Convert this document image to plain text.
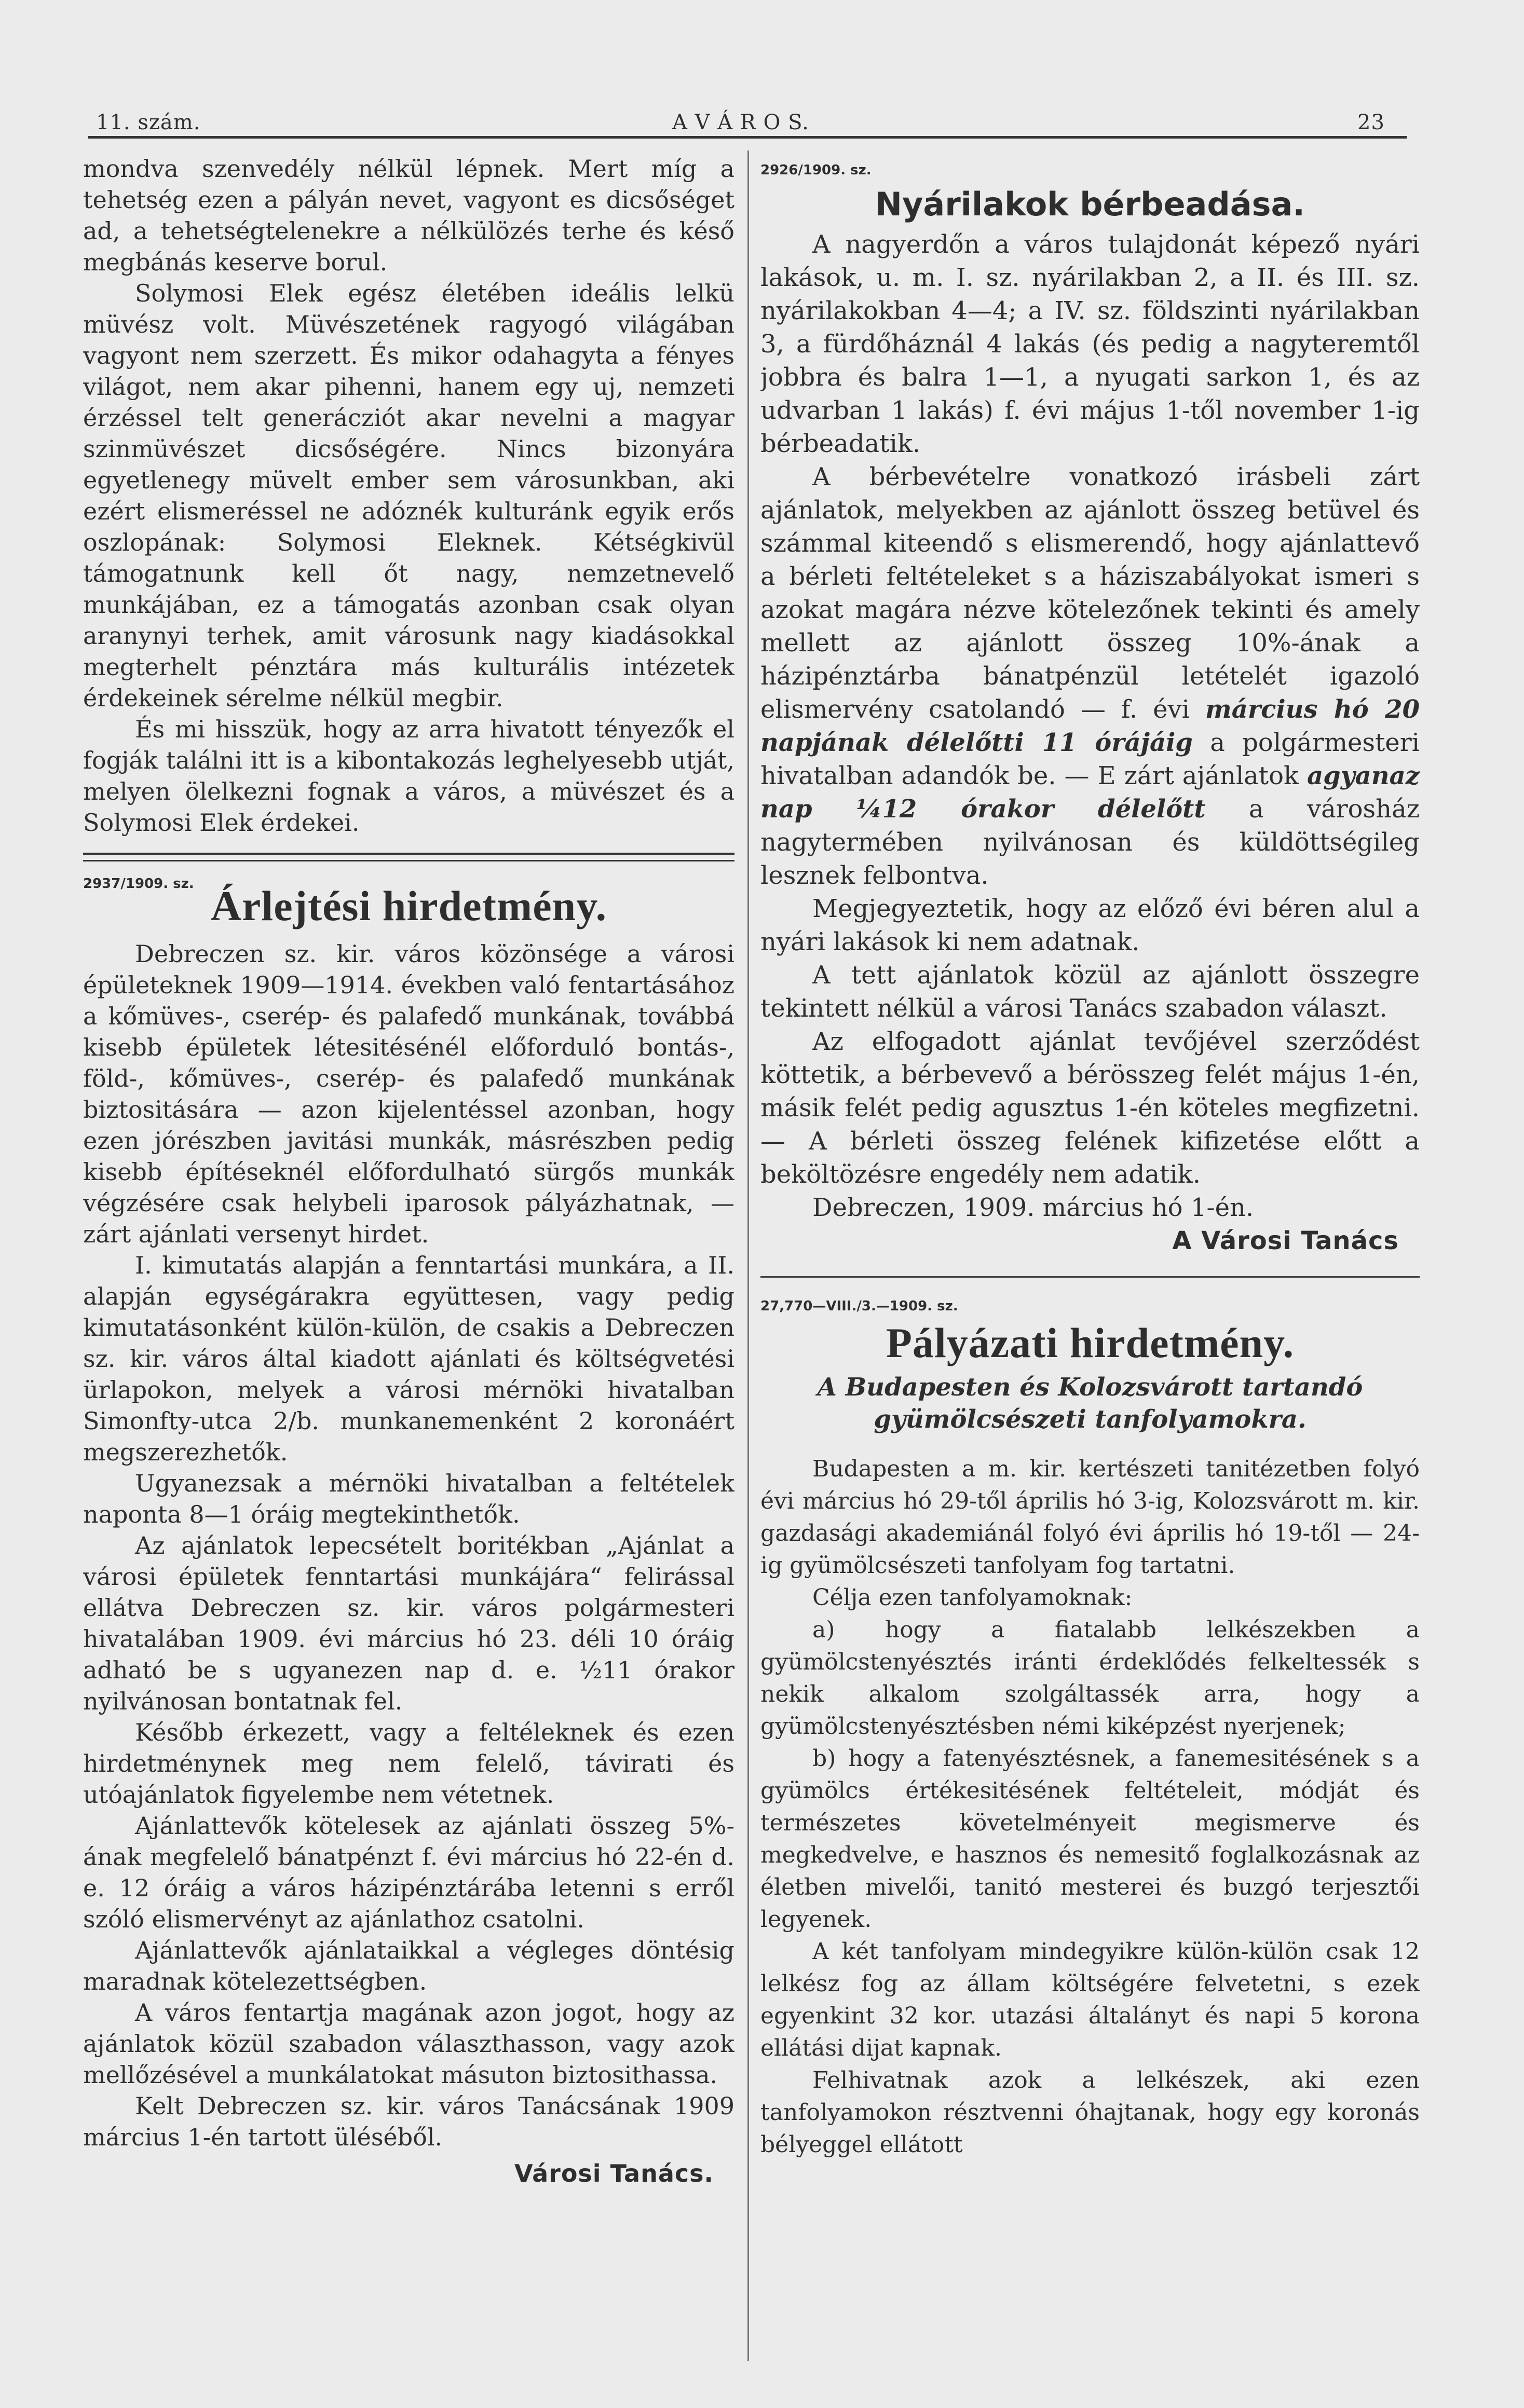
11. szám.	A V Á R O S.	23

mondva szenvedély nélkül lépnek. Mert míg a tehetség ezen a pályán nevet, vagyont es dicsőséget ad, a tehetségtelenekre a nélkülözés terhe és késő megbánás keserve borul.

Solymosi Elek egész életében ideális lelkü müvész volt. Müvészetének ragyogó világában vagyont nem szerzett. És mikor odahagyta a fényes világot, nem akar pihenni, hanem egy uj, nemzeti érzéssel telt generácziót akar nevelni a magyar szinmüvészet dicsőségére. Nincs bizonyára egyetlenegy müvelt ember sem városunkban, aki ezért elismeréssel ne adóznék kulturánk egyik erős oszlopának: Solymosi Eleknek. Kétségkivül támogatnunk kell őt nagy, nemzetnevelő munkájában, ez a támogatás azonban csak olyan aranynyi terhek, amit városunk nagy kiadásokkal megterhelt pénztára más kulturális intézetek érdekeinek sérelme nélkül megbir.

És mi hisszük, hogy az arra hivatott tényezők el fogják találni itt is a kibontakozás leghelyesebb utját, melyen ölelkezni fognak a város, a müvészet és a Solymosi Elek érdekei.

2937/1909. sz. Árlejtési hirdetmény.

Debreczen sz. kir. város közönsége a városi épületeknek 1909—1914. években való fentartásához a kőmüves-, cserép- és palafedő munkának, továbbá kisebb épületek létesitésénél előforduló bontás-, föld-, kőmüves-, cserép- és palafedő munkának biztositására — azon kijelentéssel azonban, hogy ezen jórészben javitási munkák, másrészben pedig kisebb építéseknél előfordulható sürgős munkák végzésére csak helybeli iparosok pályázhatnak, — zárt ajánlati versenyt hirdet.

I. kimutatás alapján a fenntartási munkára, a II. alapján egységárakra együttesen, vagy pedig kimutatásonként külön-külön, de csakis a Debreczen sz. kir. város által kiadott ajánlati és költségvetési ürlapokon, melyek a városi mérnöki hivatalban Simonfty-utca 2/b. munkanemenként 2 koronáért megszerezhetők.

Ugyanezsak a mérnöki hivatalban a feltételek naponta 8—1 óráig megtekinthetők.

Az ajánlatok lepecsételt boritékban „Ajánlat a városi épületek fenntartási munkájára“ felirással ellátva Debreczen sz. kir. város polgármesteri hivatalában 1909. évi március hó 23. déli 10 óráig adható be s ugyanezen nap d. e. ½11 órakor nyilvánosan bontatnak fel.

Később érkezett, vagy a feltéleknek és ezen hirdetménynek meg nem felelő, távirati és utóajánlatok figyelembe nem vétetnek.

Ajánlattevők kötelesek az ajánlati összeg 5%-ának megfelelő bánatpénzt f. évi március hó 22-én d. e. 12 óráig a város házipénztárába letenni s erről szóló elismervényt az ajánlathoz csatolni.

Ajánlattevők ajánlataikkal a végleges döntésig maradnak kötelezettségben.

A város fentartja magának azon jogot, hogy az ajánlatok közül szabadon választhasson, vagy azok mellőzésével a munkálatokat másuton biztosithassa.

Kelt Debreczen sz. kir. város Tanácsának 1909 március 1-én tartott üléséből.

Városi Tanács.

2926/1909. sz.
Nyárilakok bérbeadása.

A nagyerdőn a város tulajdonát képező nyári lakások, u. m. I. sz. nyárilakban 2, a II. és III. sz. nyárilakokban 4—4; a IV. sz. földszinti nyárilakban 3, a fürdőháznál 4 lakás (és pedig a nagyteremtől jobbra és balra 1—1, a nyugati sarkon 1, és az udvarban 1 lakás) f. évi május 1-től november 1-ig bérbeadatik.

A bérbevételre vonatkozó irásbeli zárt ajánlatok, melyekben az ajánlott összeg betüvel és számmal kiteendő s elismerendő, hogy ajánlattevő a bérleti feltételeket s a háziszabályokat ismeri s azokat magára nézve kötelezőnek tekinti és amely mellett az ajánlott összeg 10%-ának a házipénztárba bánatpénzül letételét igazoló elismervény csatolandó — f. évi március hó 20 napjának délelőtti 11 órájáig a polgármesteri hivatalban adandók be. — E zárt ajánlatok agyanaz nap ¼12 órakor délelőtt a városház nagytermében nyilvánosan és küldöttségileg lesznek felbontva.

Megjegyeztetik, hogy az előző évi béren alul a nyári lakások ki nem adatnak.

A tett ajánlatok közül az ajánlott összegre tekintett nélkül a városi Tanács szabadon választ.

Az elfogadott ajánlat tevőjével szerződést köttetik, a bérbevevő a bérösszeg felét május 1-én, másik felét pedig agusztus 1-én köteles megfizetni. — A bérleti összeg felének kifizetése előtt a beköltözésre engedély nem adatik.

Debreczen, 1909. március hó 1-én.

A Városi Tanács

27,770—VIII./3.—1909. sz.
Pályázati hirdetmény.
A Budapesten és Kolozsvárott tartandó gyümölcsészeti tanfolyamokra.

Budapesten a m. kir. kertészeti tanitézetben folyó évi március hó 29-től április hó 3-ig, Kolozsvárott m. kir. gazdasági akademiánál folyó évi április hó 19-től — 24-ig gyümölcsészeti tanfolyam fog tartatni.

Célja ezen tanfolyamoknak:

a) hogy a fiatalabb lelkészekben a gyümölcstenyésztés iránti érdeklődés felkeltessék s nekik alkalom szolgáltassék arra, hogy a gyümölcstenyésztésben némi kiképzést nyerjenek;

b) hogy a fatenyésztésnek, a fanemesitésének s a gyümölcs értékesitésének feltételeit, módját és természetes követelményeit megismerve és megkedvelve, e hasznos és nemesitő foglalkozásnak az életben mivelői, tanitó mesterei és buzgó terjesztői legyenek.

A két tanfolyam mindegyikre külön-külön csak 12 lelkész fog az állam költségére felvetetni, s ezek egyenkint 32 kor. utazási általányt és napi 5 korona ellátási dijat kapnak.

Felhivatnak azok a lelkészek, aki ezen tanfolyamokon résztvenni óhajtanak, hogy egy koronás bélyeggel ellátott
